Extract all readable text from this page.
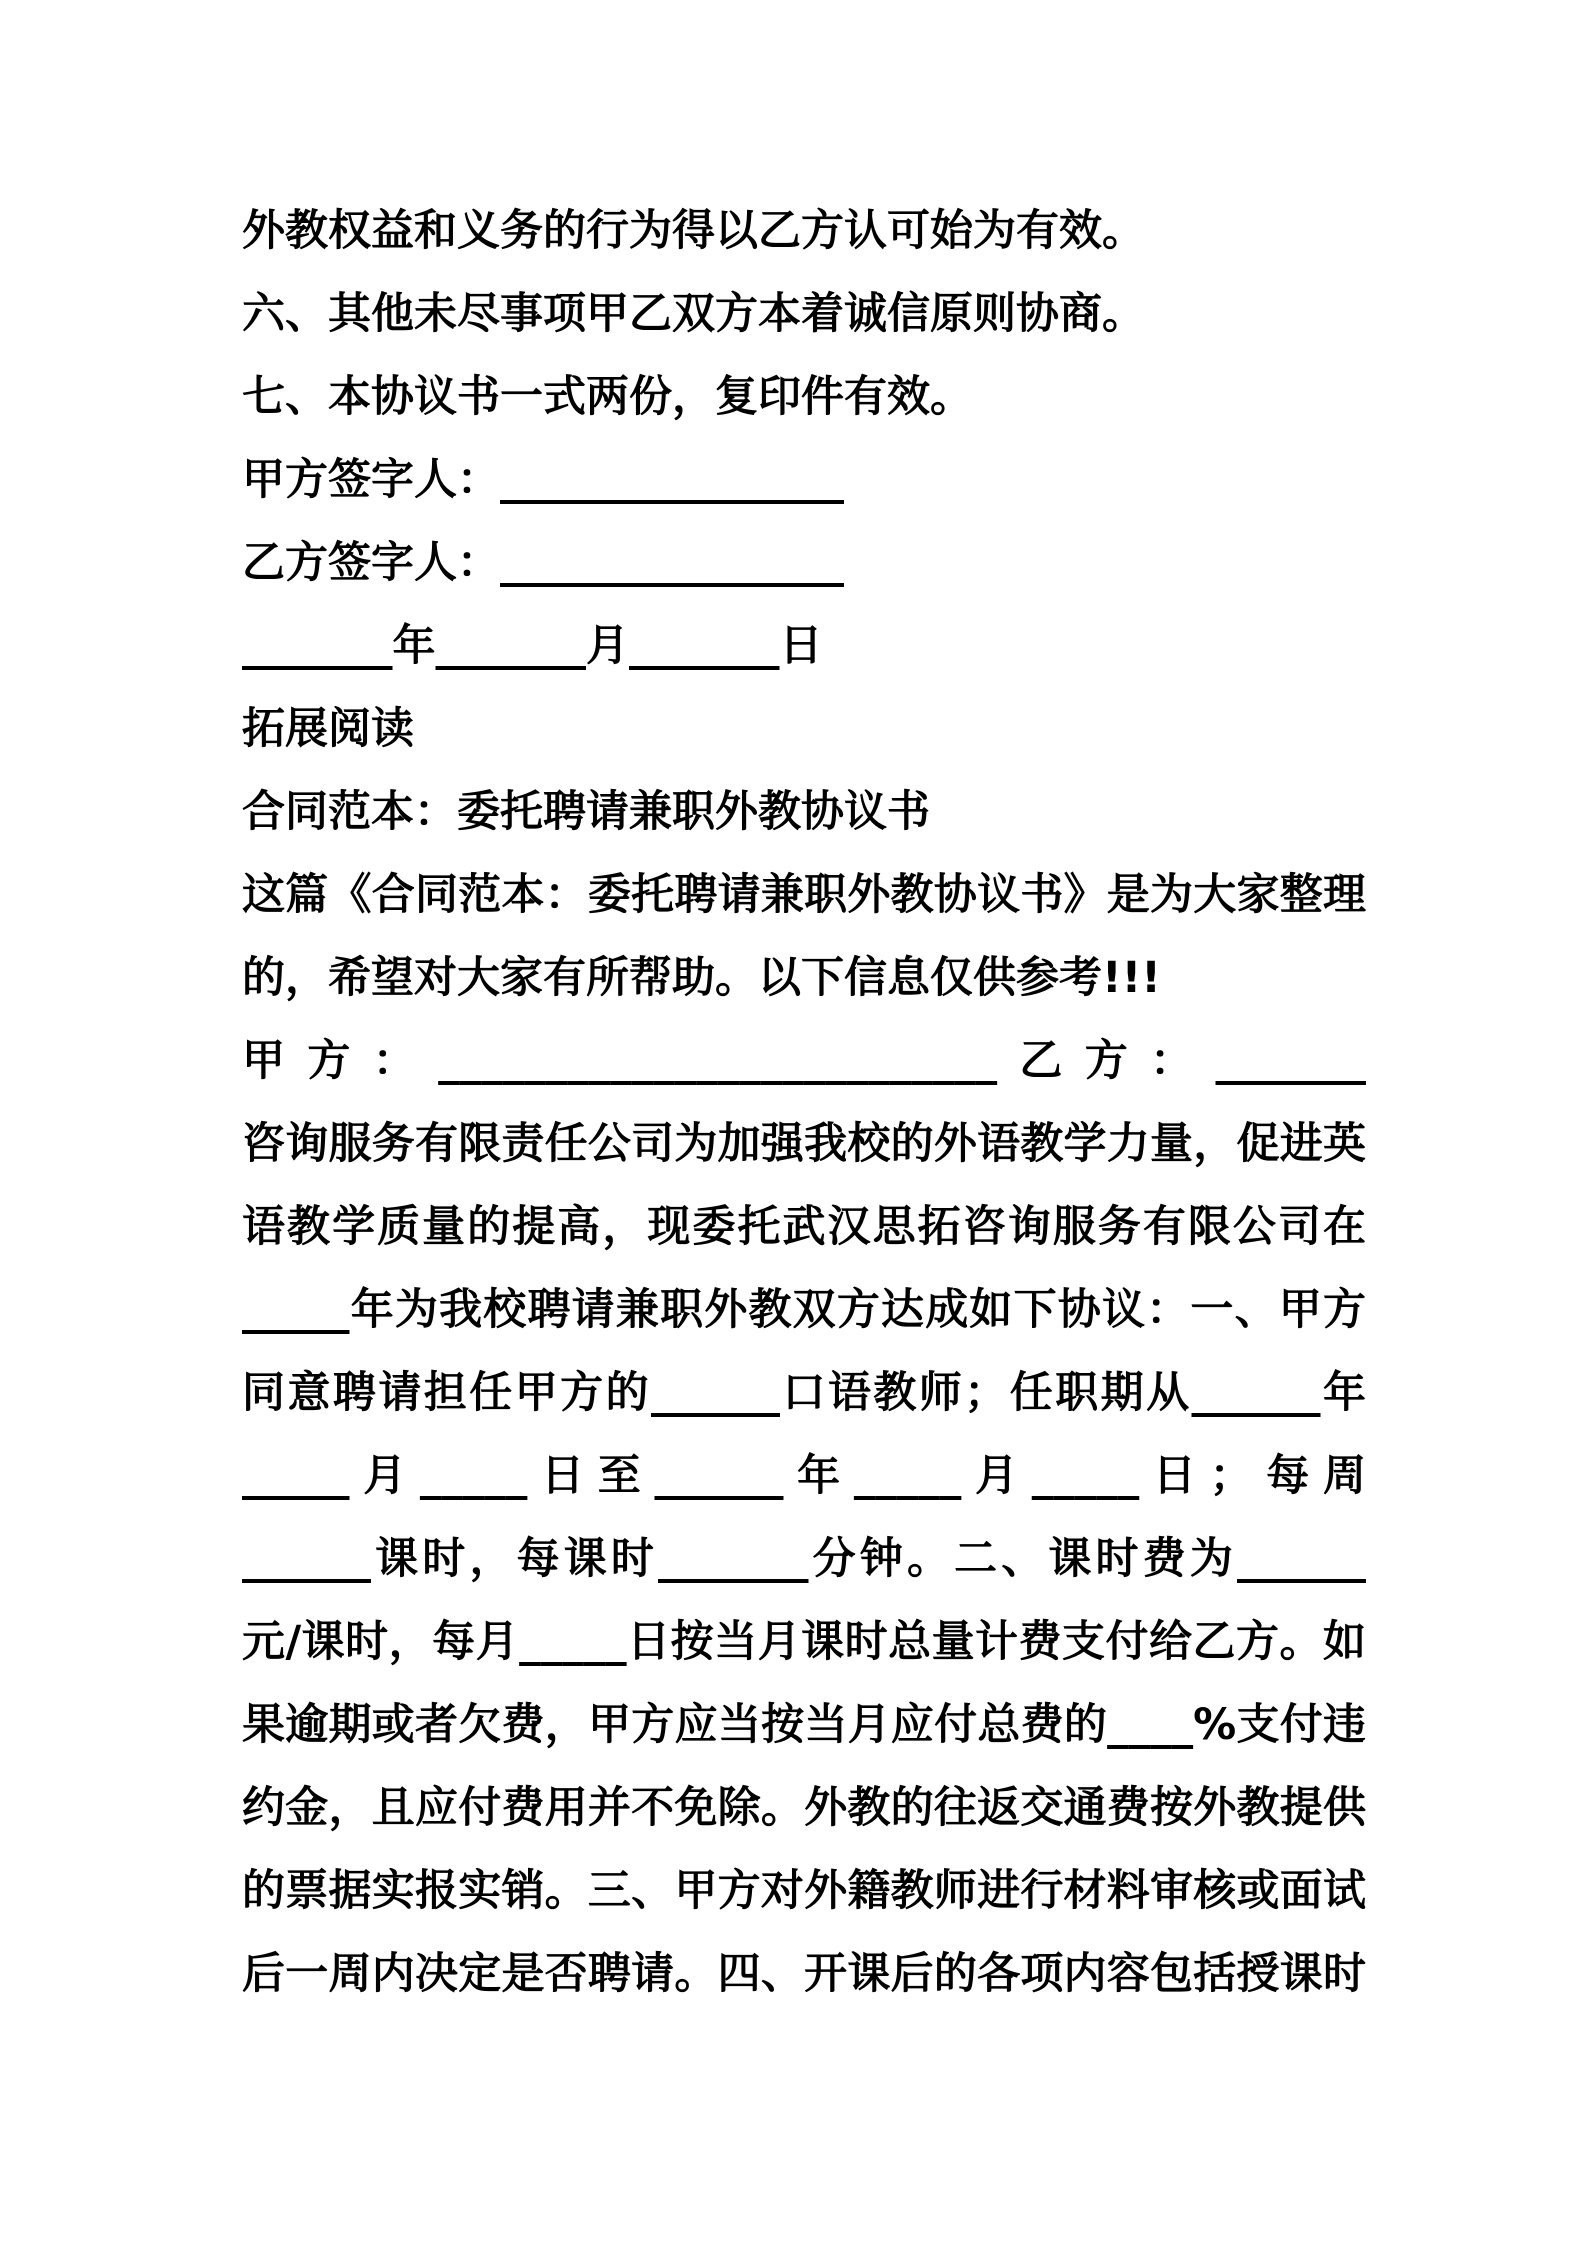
外教权益和义务的行为得以乙方认可始为有效。
六、其他未尽事项甲乙双方本着诚信原则协商。
七、本协议书一式两份，复印件有效。
甲方签字人：________________
乙方签字人：________________
_______年_______月_______日
拓展阅读
合同范本：委托聘请兼职外教协议书
这篇《合同范本：委托聘请兼职外教协议书》是为大家整理
的，希望对大家有所帮助。以下信息仅供参考!!!
甲方：__________________________乙方：_______
咨询服务有限责任公司为加强我校的外语教学力量，促进英
语教学质量的提高，现委托武汉思拓咨询服务有限公司在
_____年为我校聘请兼职外教双方达成如下协议：一、甲方
同意聘请担任甲方的______口语教师；任职期从______年
_____月_____日至______年_____月_____日；每周
______课时，每课时_______分钟。二、课时费为______
元/课时，每月_____日按当月课时总量计费支付给乙方。如
果逾期或者欠费，甲方应当按当月应付总费的____%支付违
约金，且应付费用并不免除。外教的往返交通费按外教提供
的票据实报实销。三、甲方对外籍教师进行材料审核或面试
后一周内决定是否聘请。四、开课后的各项内容包括授课时
